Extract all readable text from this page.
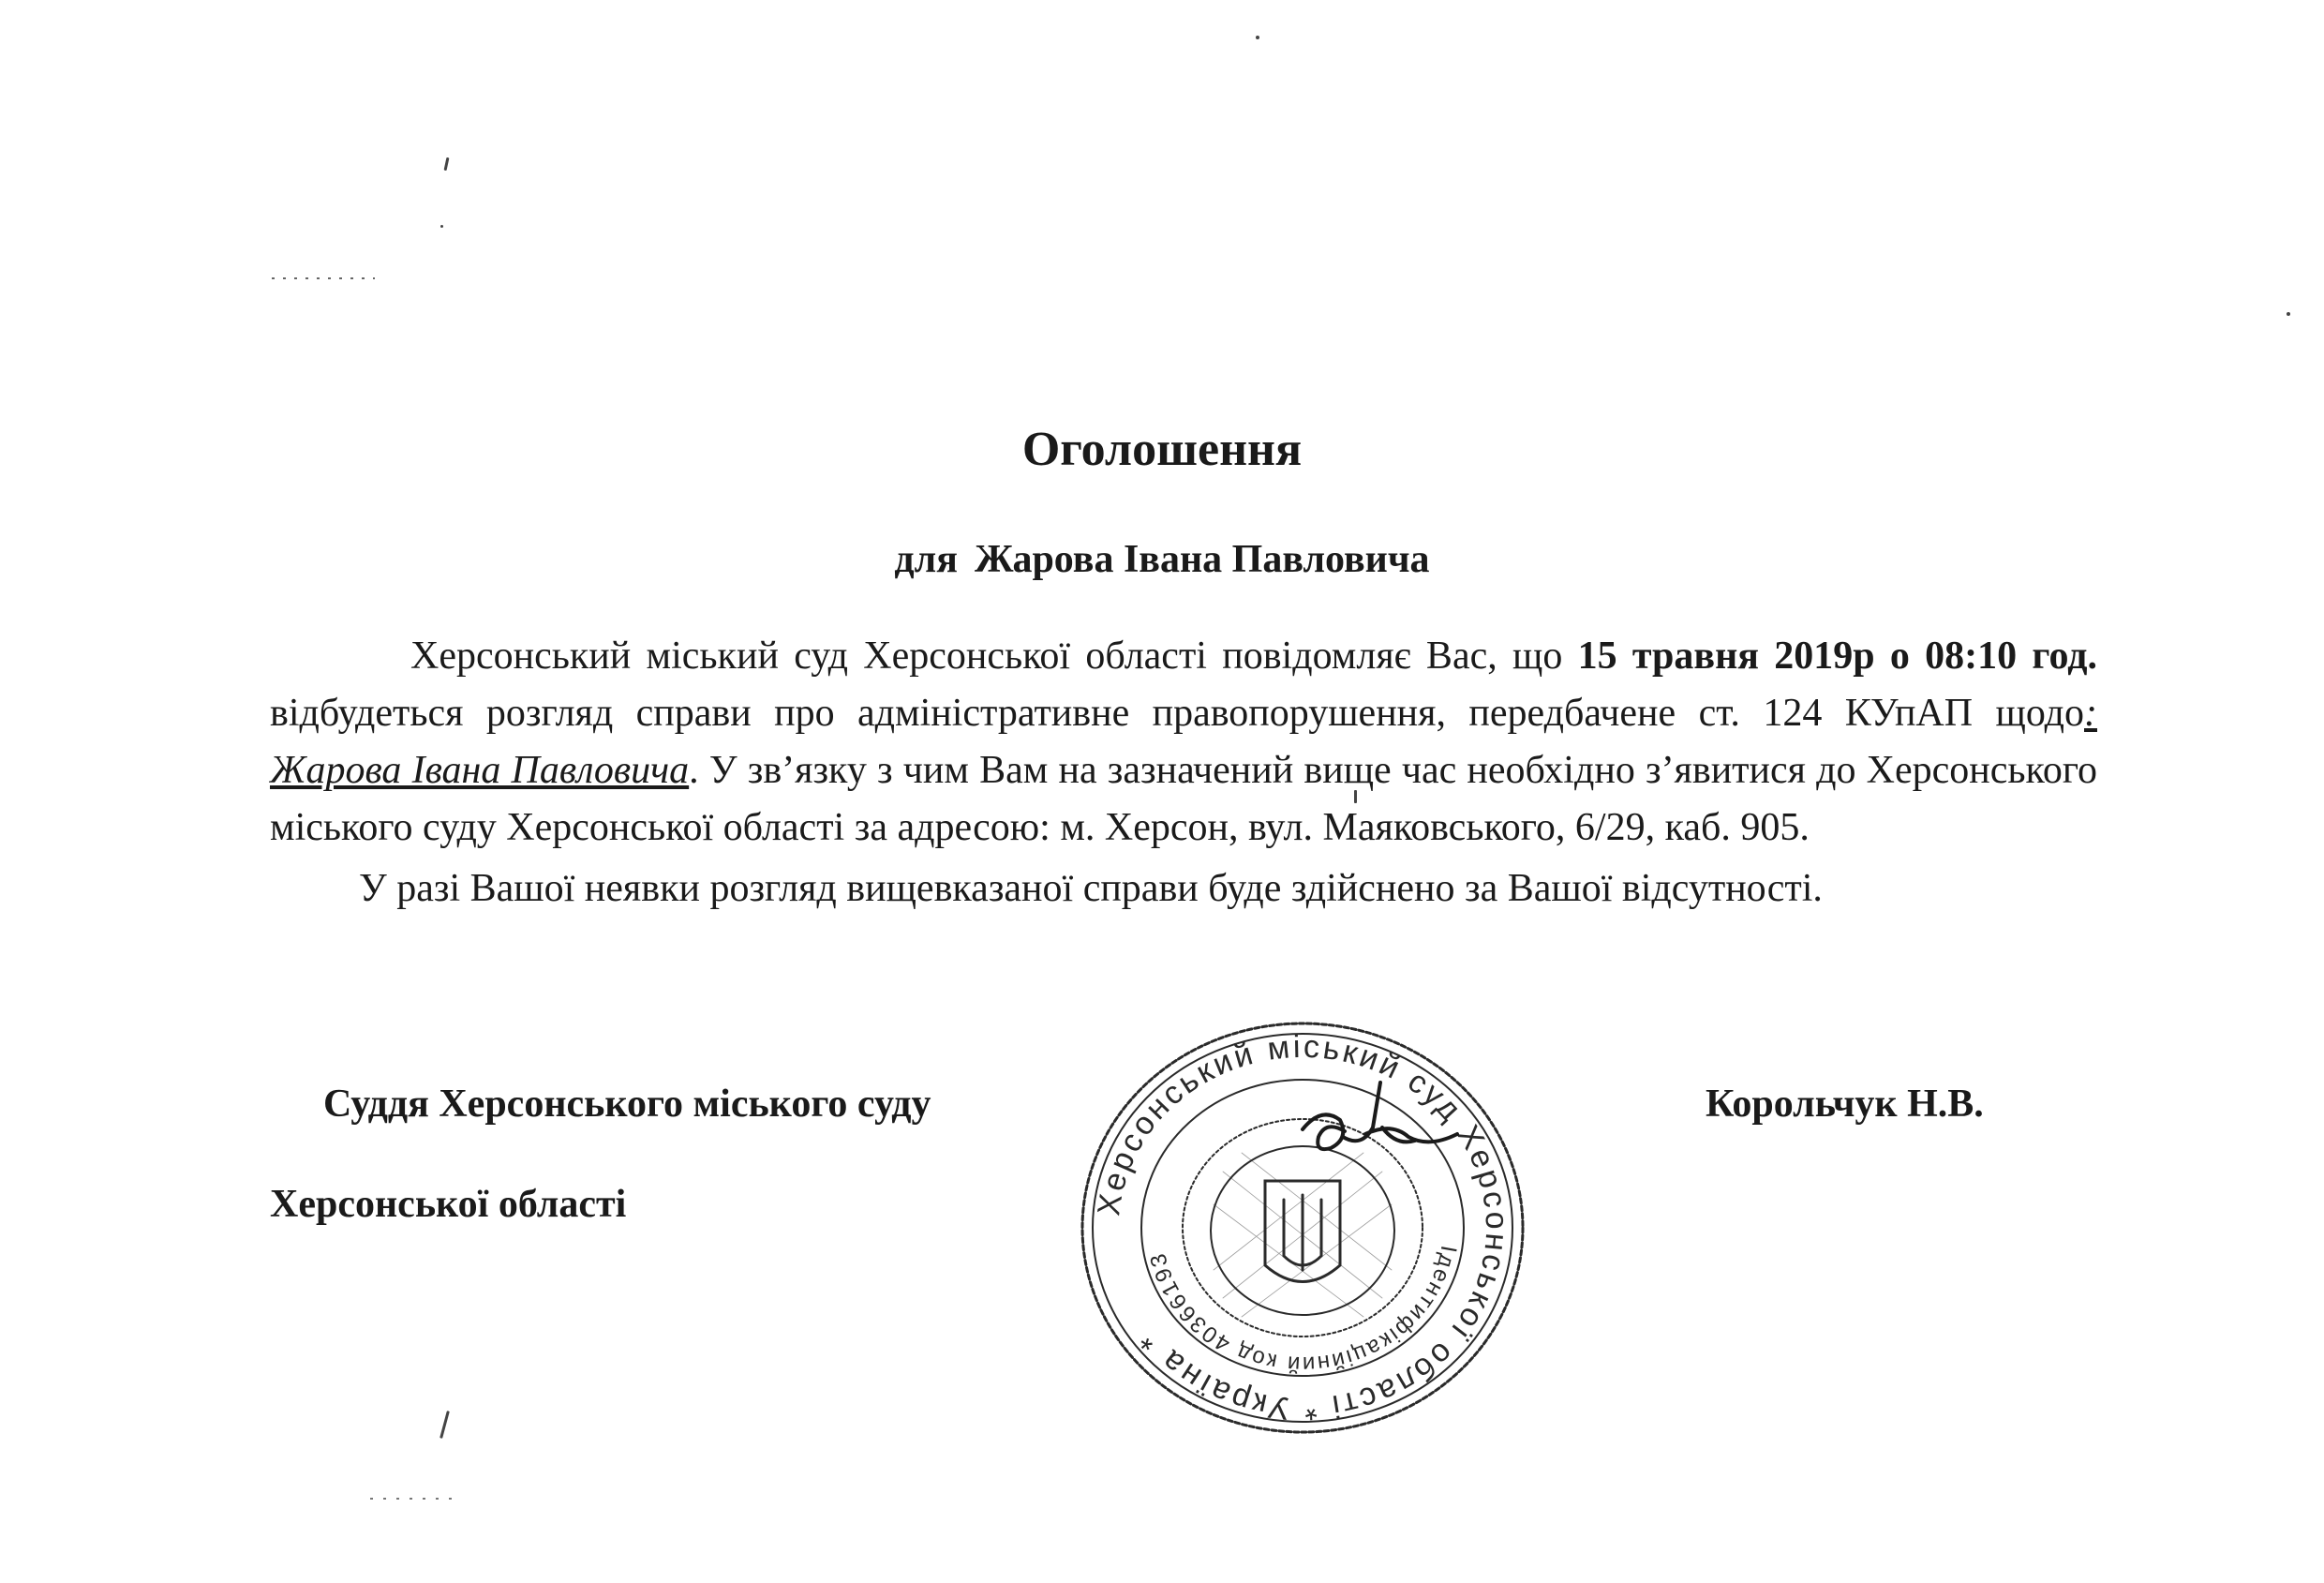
Оголошення
для Жарова Івана Павловича

Херсонський міський суд Херсонської області повідомляє Вас, що 15 травня 2019р о 08:10 год. відбудеться розгляд справи про адміністративне правопорушення, передбачене ст. 124 КУпАП щодо: Жарова Івана Павловича. У зв’язку з чим Вам на зазначений вище час необхідно з’явитися до Херсонського міського суду Херсонської області за адресою: м. Херсон, вул. Маяковського, 6/29, каб. 905.

У разі Вашої неявки розгляд вищевказаної справи буде здійснено за Вашої відсутності.

Суддя Херсонського міського суду
Херсонської області
Корольчук Н.В.
Херсонський міський суд Херсонської області * Україна *
Ідентифікаційний код 40366193
